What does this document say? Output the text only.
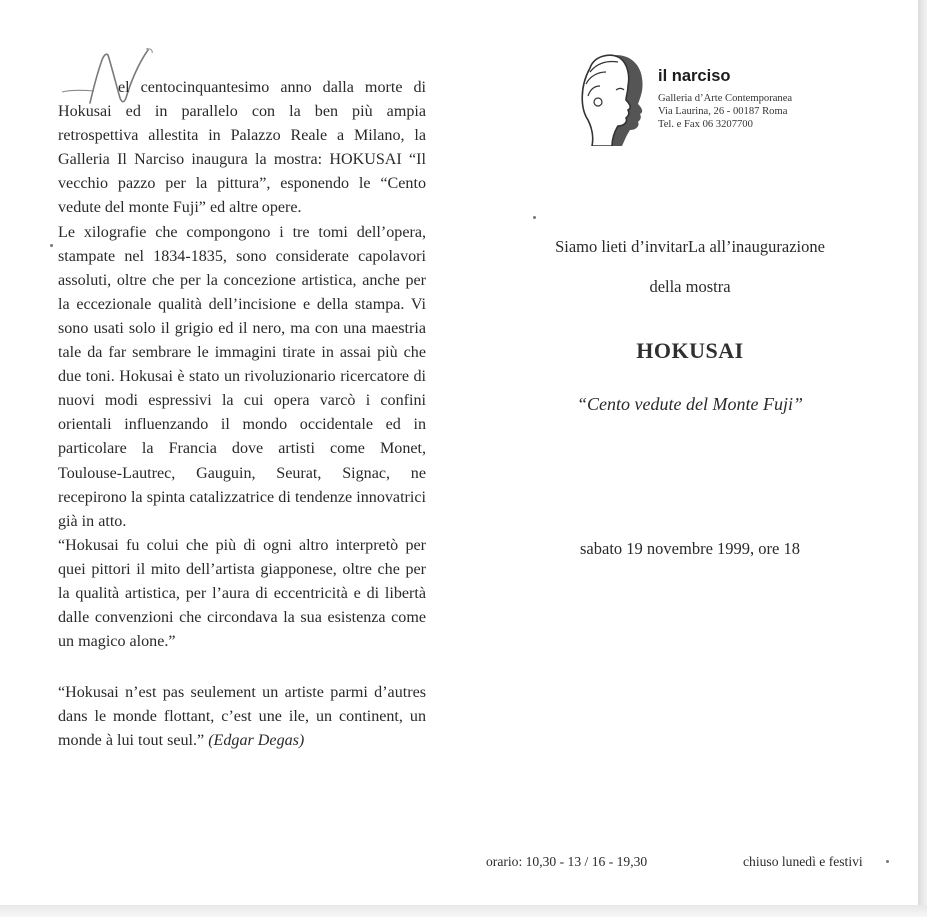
el centocinquantesimo anno dalla morte di Hokusai ed in parallelo con la ben più ampia retrospettiva allestita in Palazzo Reale a Milano, la Galleria Il Narciso inaugura la mostra: HOKUSAI “Il vecchio pazzo per la pittura”, esponendo le “Cento vedute del monte Fuji” ed altre opere.

Le xilografie che compongono i tre tomi dell’opera, stampate nel 1834-1835, sono considerate capolavori assoluti, oltre che per la concezione artistica, anche per la eccezionale qualità dell’incisione e della stampa. Vi sono usati solo il grigio ed il nero, ma con una maestria tale da far sembrare le immagini tirate in assai più che due toni. Hokusai è stato un rivoluzionario ricercatore di nuovi modi espressivi la cui opera varcò i confini orientali influenzando il mondo occidentale ed in particolare la Francia dove artisti come Monet, Toulouse-Lautrec, Gauguin, Seurat, Signac, ne recepirono la spinta catalizzatrice di tendenze innovatrici già in atto.

“Hokusai fu colui che più di ogni altro interpretò per quei pittori il mito dell’artista giapponese, oltre che per la qualità artistica, per l’aura di eccentricità e di libertà dalle convenzioni che circondava la sua esistenza come un magico alone.”

“Hokusai n’est pas seulement un artiste parmi d’autres dans le monde flottant, c’est une ile, un continent, un monde à lui tout seul.” (Edgar Degas)

il narciso
Galleria d’Arte Contemporanea
Via Laurina, 26 - 00187 Roma
Tel. e Fax 06 3207700
Siamo lieti d’invitarLa all’inaugurazione
della mostra
HOKUSAI
“Cento vedute del Monte Fuji”
sabato 19 novembre 1999, ore 18
orario: 10,30 - 13 / 16 - 19,30	chiuso lunedì e festivi
